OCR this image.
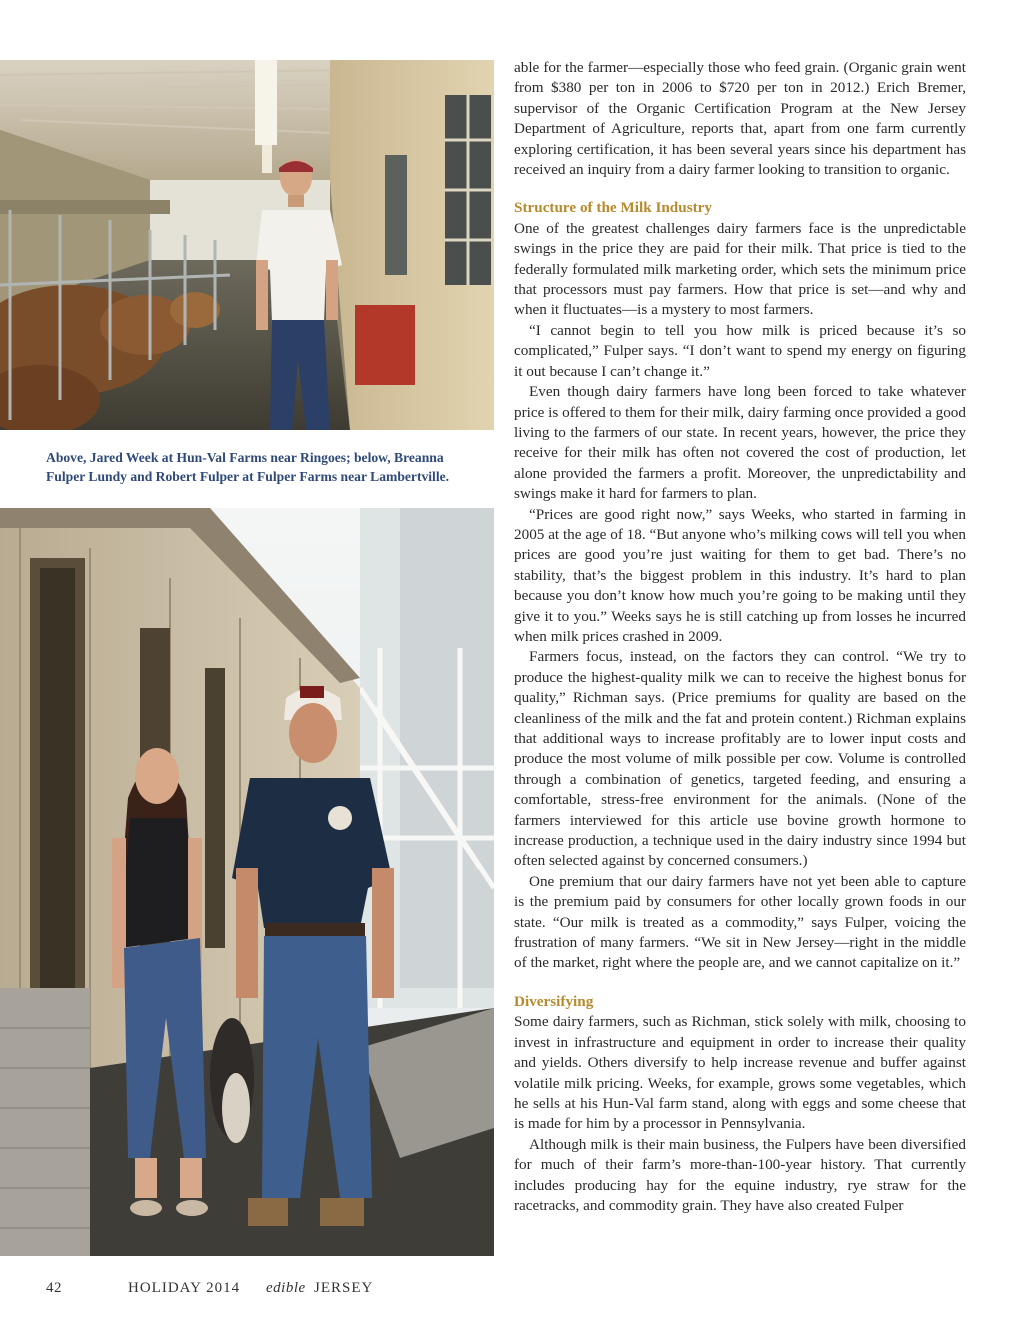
Above, Jared Week at Hun-Val Farms near Ringoes; below, Breanna Fulper Lundy and Robert Fulper at Fulper Farms near Lambertville.

able for the farmer—especially those who feed grain. (Organic grain went from $380 per ton in 2006 to $720 per ton in 2012.) Erich Bremer, supervisor of the Organic Certification Program at the New Jersey Department of Agriculture, reports that, apart from one farm currently exploring certification, it has been several years since his department has received an inquiry from a dairy farmer looking to transition to organic.

Structure of the Milk Industry

One of the greatest challenges dairy farmers face is the unpredictable swings in the price they are paid for their milk. That price is tied to the federally formulated milk marketing order, which sets the minimum price that processors must pay farmers. How that price is set—and why and when it fluctuates—is a mystery to most farmers.

“I cannot begin to tell you how milk is priced because it’s so complicated,” Fulper says. “I don’t want to spend my energy on figuring it out because I can’t change it.”

Even though dairy farmers have long been forced to take whatever price is offered to them for their milk, dairy farming once provided a good living to the farmers of our state. In recent years, however, the price they receive for their milk has often not covered the cost of production, let alone provided the farmers a profit. Moreover, the unpredictability and swings make it hard for farmers to plan.

“Prices are good right now,” says Weeks, who started in farming in 2005 at the age of 18. “But anyone who’s milking cows will tell you when prices are good you’re just waiting for them to get bad. There’s no stability, that’s the biggest problem in this industry. It’s hard to plan because you don’t know how much you’re going to be making until they give it to you.” Weeks says he is still catching up from losses he incurred when milk prices crashed in 2009.

Farmers focus, instead, on the factors they can control. “We try to produce the highest-quality milk we can to receive the highest bonus for quality,” Richman says. (Price premiums for quality are based on the cleanliness of the milk and the fat and protein content.) Richman explains that additional ways to increase profitably are to lower input costs and produce the most volume of milk possible per cow. Volume is controlled through a combination of genetics, targeted feeding, and ensuring a comfortable, stress-free environment for the animals. (None of the farmers interviewed for this article use bovine growth hormone to increase production, a technique used in the dairy industry since 1994 but often selected against by concerned consumers.)

One premium that our dairy farmers have not yet been able to capture is the premium paid by consumers for other locally grown foods in our state. “Our milk is treated as a commodity,” says Fulper, voicing the frustration of many farmers. “We sit in New Jersey—right in the middle of the market, right where the people are, and we cannot capitalize on it.”

Diversifying

Some dairy farmers, such as Richman, stick solely with milk, choosing to invest in infrastructure and equipment in order to increase their quality and yields. Others diversify to help increase revenue and buffer against volatile milk pricing. Weeks, for example, grows some vegetables, which he sells at his Hun-Val farm stand, along with eggs and some cheese that is made for him by a processor in Pennsylvania.

Although milk is their main business, the Fulpers have been diversified for much of their farm’s more-than-100-year history. That currently includes producing hay for the equine industry, rye straw for the racetracks, and commodity grain. They have also created Fulper

42	HOLIDAY 2014 edible JERSEY
